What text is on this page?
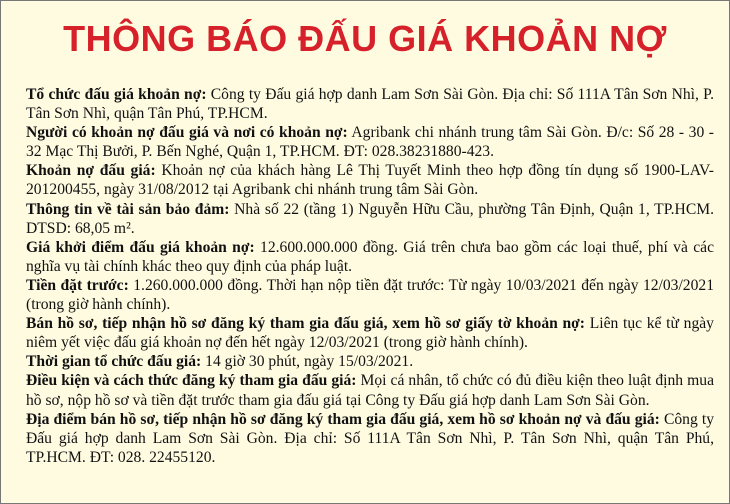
THÔNG BÁO ĐẤU GIÁ KHOẢN NỢ

Tổ chức đấu giá khoản nợ: Công ty Đấu giá hợp danh Lam Sơn Sài Gòn. Địa chỉ: Số 111A Tân Sơn Nhì, P. Tân Sơn Nhì, quận Tân Phú, TP.HCM.

Người có khoản nợ đấu giá và nơi có khoản nợ: Agribank chi nhánh trung tâm Sài Gòn. Đ/c: Số 28 - 30 - 32 Mạc Thị Bưởi, P. Bến Nghé, Quận 1, TP.HCM. ĐT: 028.38231880-423.

Khoản nợ đấu giá: Khoản nợ của khách hàng Lê Thị Tuyết Minh theo hợp đồng tín dụng số 1900-LAV-201200455, ngày 31/08/2012 tại Agribank chi nhánh trung tâm Sài Gòn.

Thông tin về tài sản bảo đảm: Nhà số 22 (tầng 1) Nguyễn Hữu Cầu, phường Tân Định, Quận 1, TP.HCM. DTSD: 68,05 m².

Giá khởi điểm đấu giá khoản nợ: 12.600.000.000 đồng. Giá trên chưa bao gồm các loại thuế, phí và các nghĩa vụ tài chính khác theo quy định của pháp luật.

Tiền đặt trước: 1.260.000.000 đồng. Thời hạn nộp tiền đặt trước: Từ ngày 10/03/2021 đến ngày 12/03/2021 (trong giờ hành chính).

Bán hồ sơ, tiếp nhận hồ sơ đăng ký tham gia đấu giá, xem hồ sơ giấy tờ khoản nợ: Liên tục kể từ ngày niêm yết việc đấu giá khoản nợ đến hết ngày 12/03/2021 (trong giờ hành chính).

Thời gian tổ chức đấu giá: 14 giờ 30 phút, ngày 15/03/2021.

Điều kiện và cách thức đăng ký tham gia đấu giá: Mọi cá nhân, tổ chức có đủ điều kiện theo luật định mua hồ sơ, nộp hồ sơ và tiền đặt trước tham gia đấu giá tại Công ty Đấu giá hợp danh Lam Sơn Sài Gòn.

Địa điểm bán hồ sơ, tiếp nhận hồ sơ đăng ký tham gia đấu giá, xem hồ sơ khoản nợ và đấu giá: Công ty Đấu giá hợp danh Lam Sơn Sài Gòn. Địa chỉ: Số 111A Tân Sơn Nhì, P. Tân Sơn Nhì, quận Tân Phú, TP.HCM. ĐT: 028. 22455120.
